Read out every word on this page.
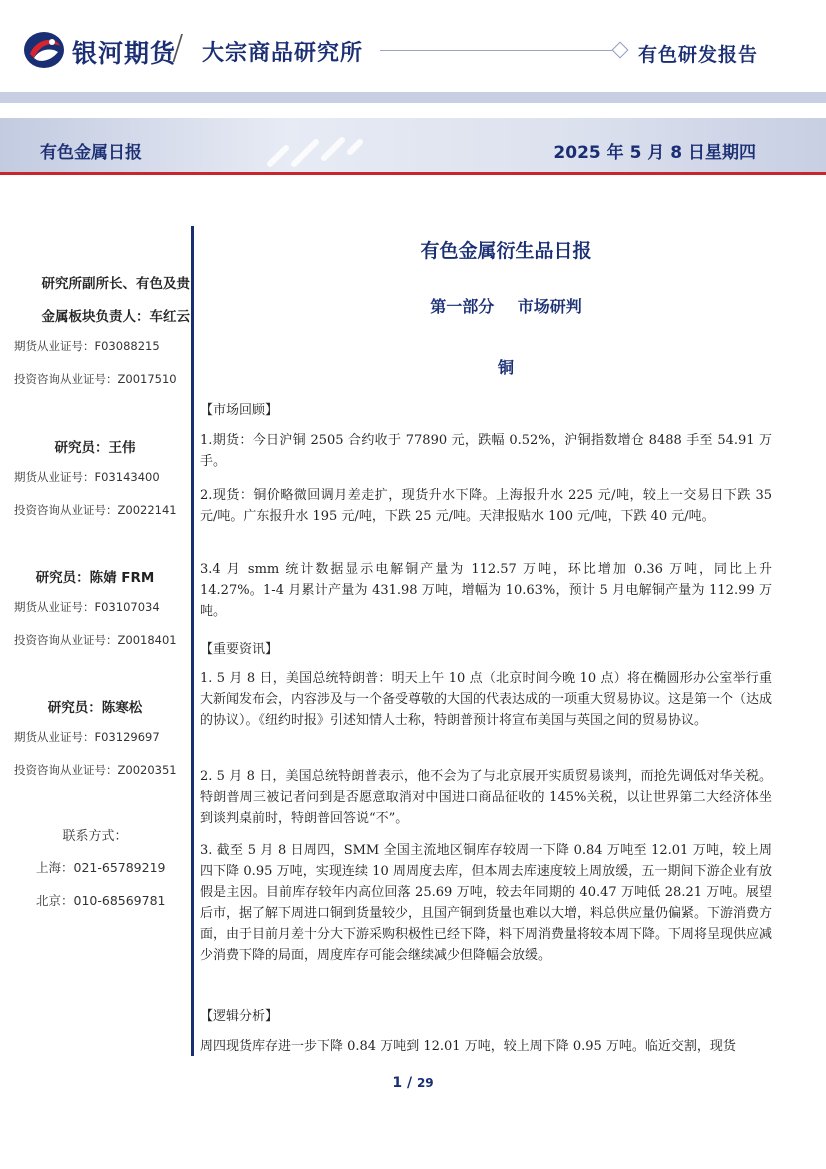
银河期货
/ 大宗商品研究所	有色研发报告
有色金属日报	2025 年 5 月 8 日星期四
研究所副所长、有色及贵
金属板块负责人：车红云
期货从业证号：F03088215
投资咨询从业证号：Z0017510
研究员：王伟
期货从业证号：F03143400
投资咨询从业证号：Z0022141
研究员：陈婧 FRM
期货从业证号：F03107034
投资咨询从业证号：Z0018401
研究员：陈寒松
期货从业证号：F03129697
投资咨询从业证号：Z0020351
联系方式：
上海：021-65789219
北京：010-68569781
有色金属衍生品日报
第一部分 市场研判
铜
【市场回顾】
1.期货：今日沪铜 2505 合约收于 77890 元，跌幅 0.52%，沪铜指数增仓 8488 手至 54.91 万手。
2.现货：铜价略微回调月差走扩，现货升水下降。上海报升水 225 元/吨，较上一交易日下跌 35 元/吨。广东报升水 195 元/吨，下跌 25 元/吨。天津报贴水 100 元/吨，下跌 40 元/吨。
3.4 月 smm 统计数据显示电解铜产量为 112.57 万吨，环比增加 0.36 万吨，同比上升 14.27%。1-4 月累计产量为 431.98 万吨，增幅为 10.63%，预计 5 月电解铜产量为 112.99 万吨。
【重要资讯】
1. 5 月 8 日，美国总统特朗普：明天上午 10 点（北京时间今晚 10 点）将在椭圆形办公室举行重大新闻发布会，内容涉及与一个备受尊敬的大国的代表达成的一项重大贸易协议。这是第一个（达成的协议）。《纽约时报》引述知情人士称，特朗普预计将宣布美国与英国之间的贸易协议。
2. 5 月 8 日，美国总统特朗普表示，他不会为了与北京展开实质贸易谈判，而抢先调低对华关税。特朗普周三被记者问到是否愿意取消对中国进口商品征收的 145%关税，以让世界第二大经济体坐到谈判桌前时，特朗普回答说“不”。
3. 截至 5 月 8 日周四，SMM 全国主流地区铜库存较周一下降 0.84 万吨至 12.01 万吨，较上周四下降 0.95 万吨，实现连续 10 周周度去库，但本周去库速度较上周放缓，五一期间下游企业有放假是主因。目前库存较年内高位回落 25.69 万吨，较去年同期的 40.47 万吨低 28.21 万吨。展望后市，据了解下周进口铜到货量较少，且国产铜到货量也难以大增，料总供应量仍偏紧。下游消费方面，由于目前月差十分大下游采购积极性已经下降，料下周消费量将较本周下降。下周将呈现供应减少消费下降的局面，周度库存可能会继续减少但降幅会放缓。
【逻辑分析】
周四现货库存进一步下降 0.84 万吨到 12.01 万吨，较上周下降 0.95 万吨。临近交割，现货
1 / 29
